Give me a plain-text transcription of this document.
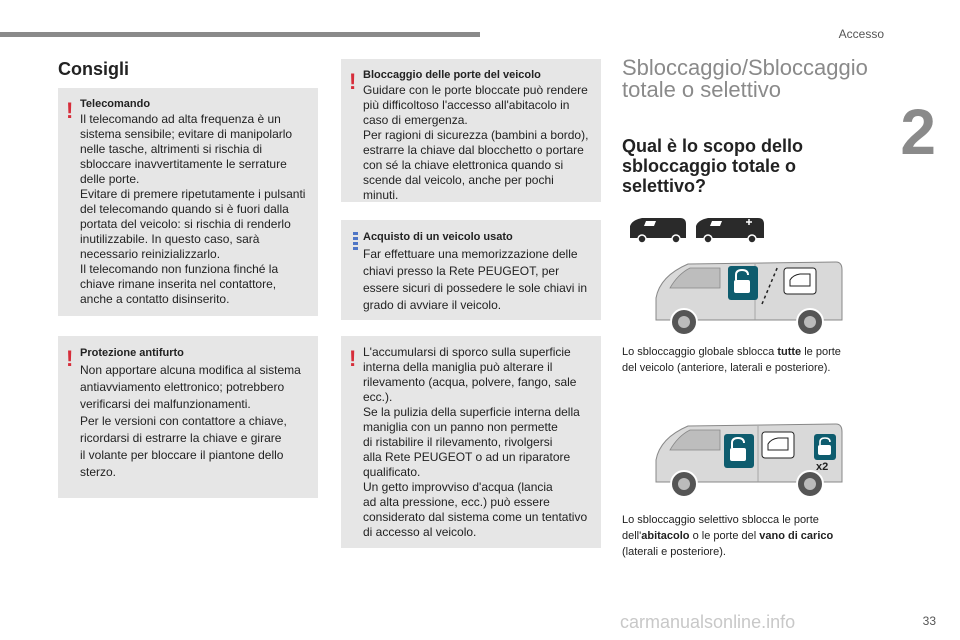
Accesso
2
Consigli
! Telecomando

Il telecomando ad alta frequenza è un

sistema sensibile; evitare di manipolarlo

nelle tasche, altrimenti si rischia di

sbloccare inavvertitamente le serrature

delle porte.

Evitare di premere ripetutamente i pulsanti

del telecomando quando si è fuori dalla

portata del veicolo: si rischia di renderlo

inutilizzabile. In questo caso, sarà

necessario reinizializzarlo.

Il telecomando non funziona finché la

chiave rimane inserita nel contattore,

anche a contatto disinserito.

! Protezione antifurto

Non apportare alcuna modifica al sistema

antiavviamento elettronico; potrebbero

verificarsi dei malfunzionamenti.

Per le versioni con contattore a chiave,

ricordarsi di estrarre la chiave e girare

il volante per bloccare il piantone dello

sterzo.

! Bloccaggio delle porte del veicolo

Guidare con le porte bloccate può rendere

più difficoltoso l'accesso all'abitacolo in

caso di emergenza.

Per ragioni di sicurezza (bambini a bordo),

estrarre la chiave dal blocchetto o portare

con sé la chiave elettronica quando si

scende dal veicolo, anche per pochi

minuti.

Acquisto di un veicolo usato

Far effettuare una memorizzazione delle

chiavi presso la Rete PEUGEOT, per

essere sicuri di possedere le sole chiavi in

grado di avviare il veicolo.

! L'accumularsi di sporco sulla superficie

interna della maniglia può alterare il

rilevamento (acqua, polvere, fango, sale

ecc.).

Se la pulizia della superficie interna della

maniglia con un panno non permette

di ristabilire il rilevamento, rivolgersi

alla Rete PEUGEOT o ad un riparatore

qualificato.

Un getto improvviso d'acqua (lancia

ad alta pressione, ecc.) può essere

considerato dal sistema come un tentativo

di accesso al veicolo.

Sbloccaggio/Sbloccaggio
totale o selettivo
Qual è lo scopo dello
sbloccaggio totale o
selettivo?
Lo sbloccaggio globale sblocca tutte le porte
del veicolo (anteriore, laterali e posteriore).
x2
Lo sbloccaggio selettivo sblocca le porte
dell'abitacolo o le porte del vano di carico
(laterali e posteriore).
carmanualsonline.info	33
